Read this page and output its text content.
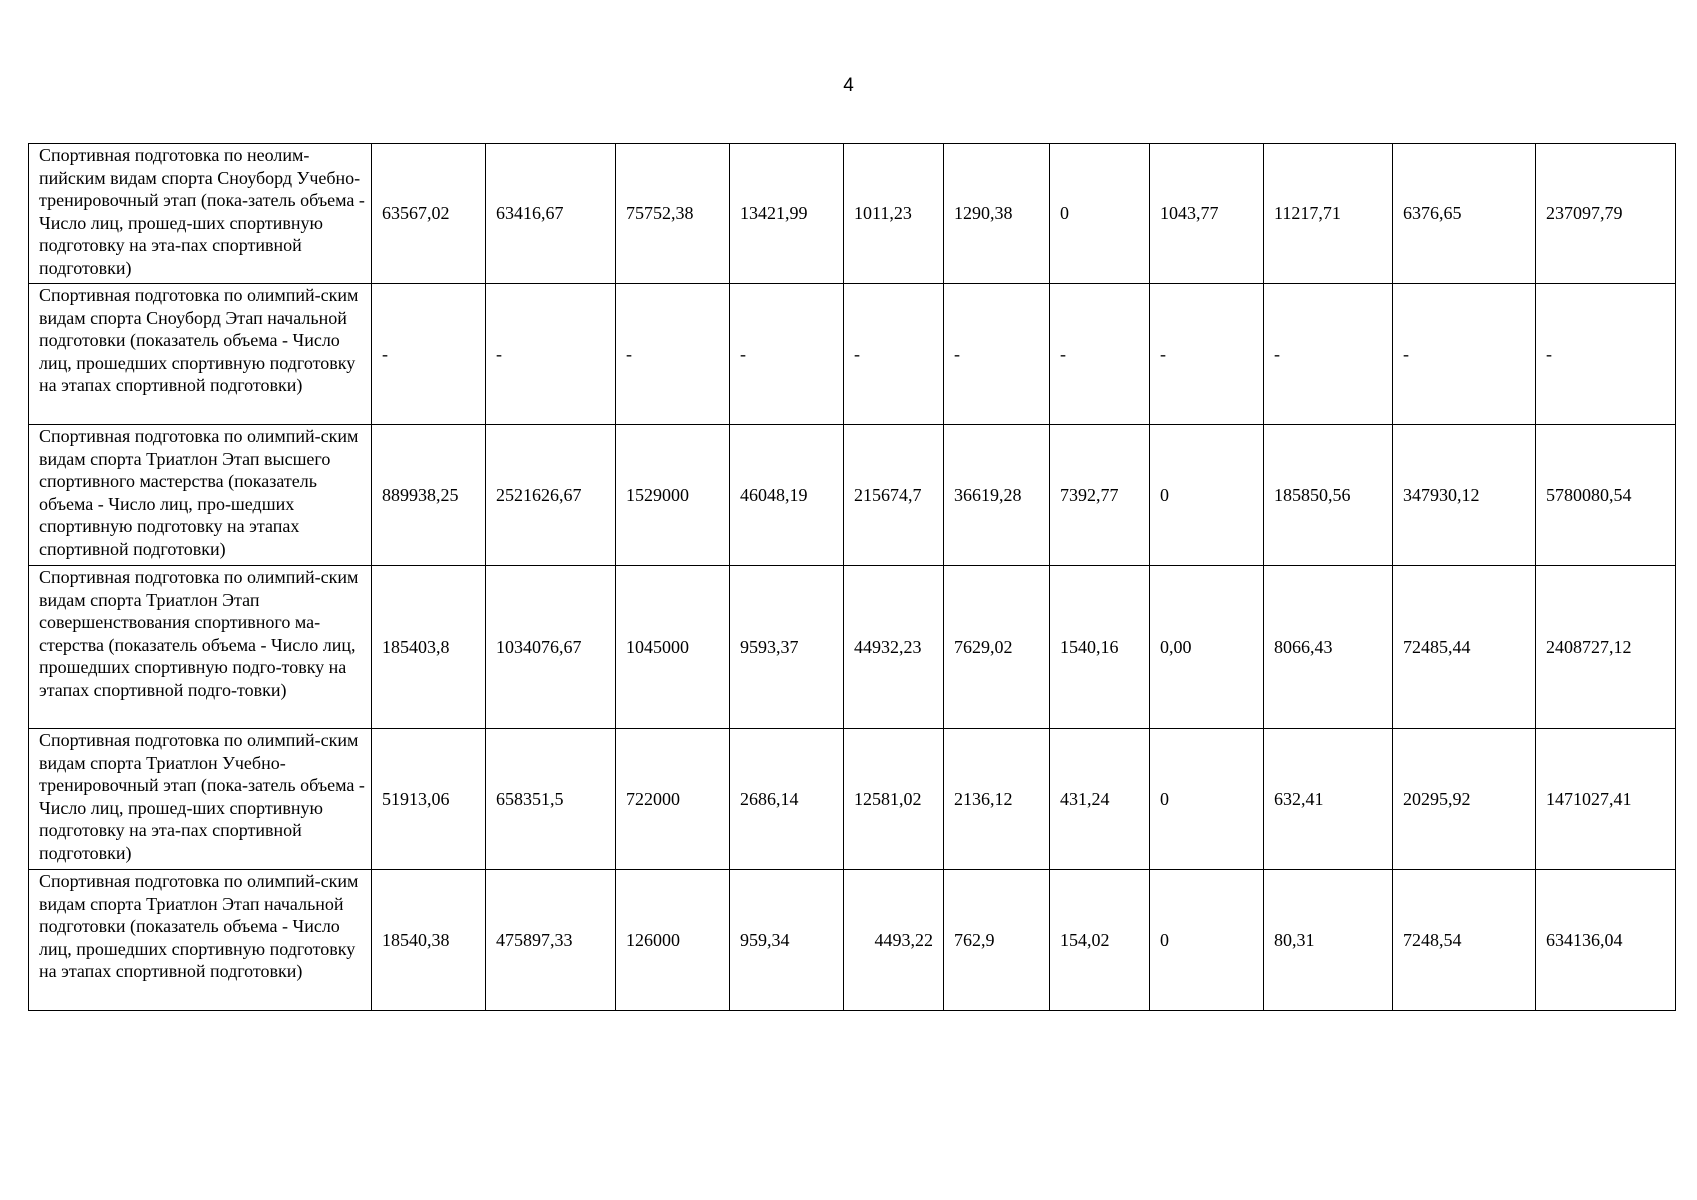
4
Спортивная подготовка по неолим-пийским видам спорта Сноуборд Учебно-тренировочный этап (пока-затель объема - Число лиц, прошед-ших спортивную подготовку на эта-пах спортивной подготовки)	63567,02	63416,67	75752,38	13421,99	1011,23	1290,38	0	1043,77	11217,71	6376,65	237097,79
Спортивная подготовка по олимпий-ским видам спорта Сноуборд Этап начальной подготовки (показатель объема - Число лиц, прошедших спортивную подготовку на этапах спортивной подготовки)	-	-	-	-	-	-	-	-	-	-	-
Спортивная подготовка по олимпий-ским видам спорта Триатлон Этап высшего спортивного мастерства (показатель объема - Число лиц, про-шедших спортивную подготовку на этапах спортивной подготовки)	889938,25	2521626,67	1529000	46048,19	215674,7	36619,28	7392,77	0	185850,56	347930,12	5780080,54
Спортивная подготовка по олимпий-ским видам спорта Триатлон Этап совершенствования спортивного ма-стерства (показатель объема - Число лиц, прошедших спортивную подго-товку на этапах спортивной подго-товки)	185403,8	1034076,67	1045000	9593,37	44932,23	7629,02	1540,16	0,00	8066,43	72485,44	2408727,12
Спортивная подготовка по олимпий-ским видам спорта Триатлон Учебно-тренировочный этап (пока-затель объема - Число лиц, прошед-ших спортивную подготовку на эта-пах спортивной подготовки)	51913,06	658351,5	722000	2686,14	12581,02	2136,12	431,24	0	632,41	20295,92	1471027,41
Спортивная подготовка по олимпий-ским видам спорта Триатлон Этап начальной подготовки (показатель объема - Число лиц, прошедших спортивную подготовку на этапах спортивной подготовки)	18540,38	475897,33	126000	959,34	4493,22	762,9	154,02	0	80,31	7248,54	634136,04
